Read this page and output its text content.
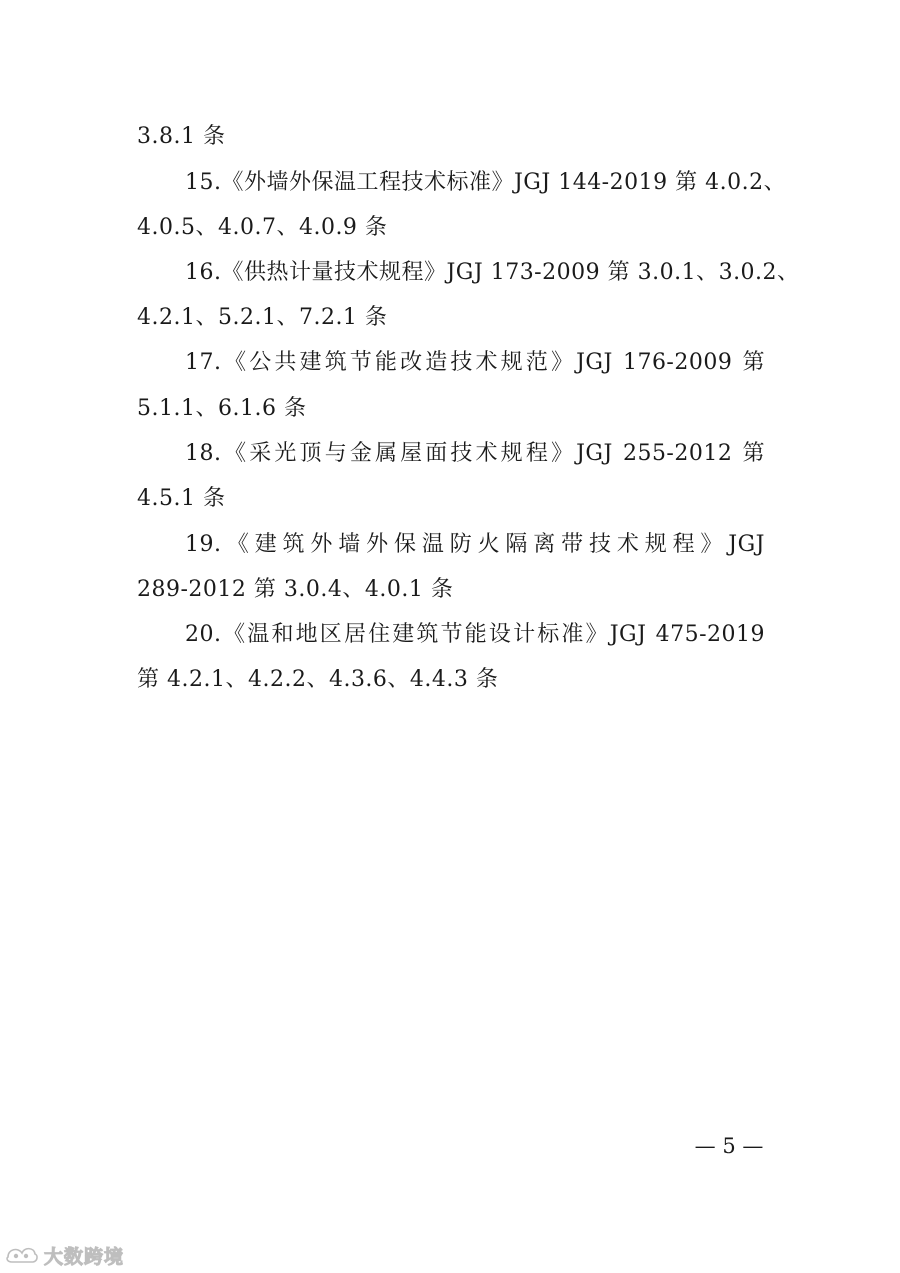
3.8.1 条
15.《外墙外保温工程技术标准》JGJ 144-2019 第 4.0.2、
4.0.5、4.0.7、4.0.9 条
16.《供热计量技术规程》JGJ 173-2009 第 3.0.1、3.0.2、
4.2.1、5.2.1、7.2.1 条
17.《公共建筑节能改造技术规范》JGJ 176-2009 第
5.1.1、6.1.6 条
18.《采光顶与金属屋面技术规程》JGJ 255-2012 第
4.5.1 条
19.《建筑外墙外保温防火隔离带技术规程》JGJ
289-2012 第 3.0.4、4.0.1 条
20.《温和地区居住建筑节能设计标准》JGJ 475-2019
第 4.2.1、4.2.2、4.3.6、4.4.3 条
— 5 —
大数跨境
